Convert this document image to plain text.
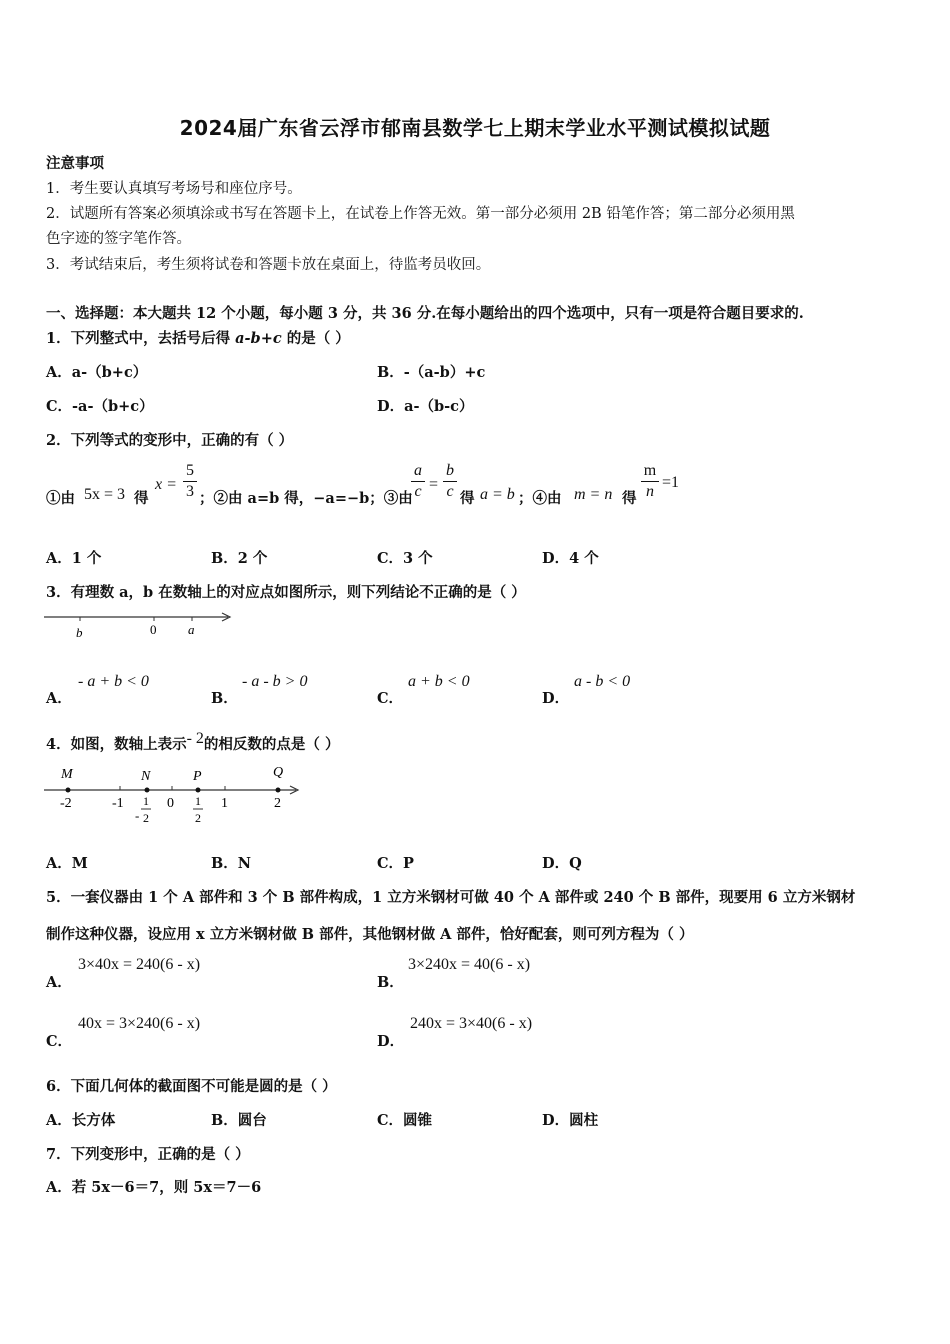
2024届广东省云浮市郁南县数学七上期末学业水平测试模拟试题
注意事项
1．考生要认真填写考场号和座位序号。
2．试题所有答案必须填涂或书写在答题卡上，在试卷上作答无效。第一部分必须用 2B 铅笔作答；第二部分必须用黑
色字迹的签字笔作答。
3．考试结束后，考生须将试卷和答题卡放在桌面上，待监考员收回。
一、选择题：本大题共 12 个小题，每小题 3 分，共 36 分.在每小题给出的四个选项中，只有一项是符合题目要求的.
1．下列整式中，去括号后得 a-b+c 的是（ ）
A．a-（b+c）	B．-（a-b）+c
C．-a-（b+c）	D．a-（b-c）
2．下列等式的变形中，正确的有（ ）
①由 5x = 3 得
x =
5
3 ；②由 a=b 得，−a=−b；③由
a
c =
b
c 得 a = b ；④由 m = n 得
m
n
=1
A．1 个	B．2 个	C．3 个	D．4 个
3．有理数 a，b 在数轴上的对应点如图所示，则下列结论不正确的是（ ）
b	0 a
A．
- a + b < 0
B．
- a - b > 0
C．
a + b < 0
D．
a - b < 0
4．如图，数轴上表示- 2的相反数的点是（ ）
M	N	P	Q
-2	-1	0	1	2
-
1
2
1
2
A．M	B．N	C．P	D．Q
5．一套仪器由 1 个 A 部件和 3 个 B 部件构成，1 立方米钢材可做 40 个 A 部件或 240 个 B 部件，现要用 6 立方米钢材
制作这种仪器，设应用 x 立方米钢材做 B 部件，其他钢材做 A 部件，恰好配套，则可列方程为（ ）
A．
3×40x = 240(6 - x)
B．
3×240x = 40(6 - x)
C．
40x = 3×240(6 - x)
D．
240x = 3×40(6 - x)
6．下面几何体的截面图不可能是圆的是（ ）
A．长方体	B．圆台	C．圆锥	D．圆柱
7．下列变形中，正确的是（ ）
A．若 5x－6＝7，则 5x＝7－6
